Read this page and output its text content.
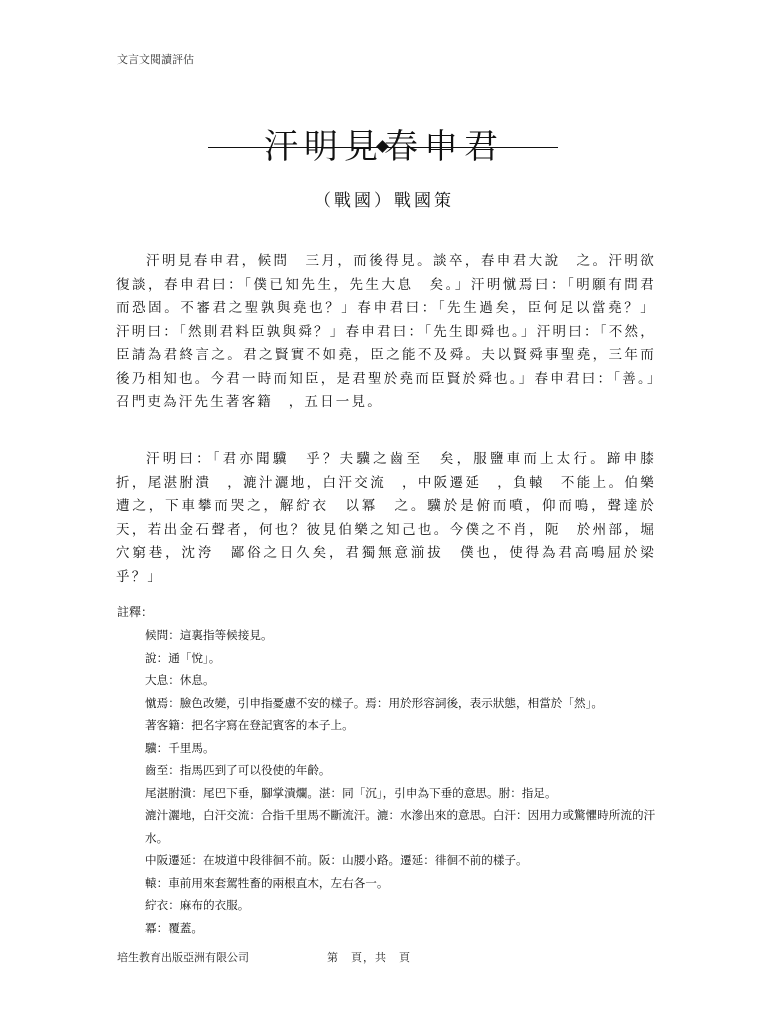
文言文閱讀評估
（戰國）戰國策

汗明見春申君，候問　三月，而後得見。談卒，春申君大說　之。汗明欲復談，春申君曰：「僕已知先生，先生大息　矣。」汗明憱焉曰：「明願有問君而恐固。不審君之聖孰與堯也？」春申君曰：「先生過矣，臣何足以當堯？」汗明曰：「然則君料臣孰與舜？」春申君曰：「先生即舜也。」汗明曰：「不然，臣請為君終言之。君之賢實不如堯，臣之能不及舜。夫以賢舜事聖堯，三年而後乃相知也。今君一時而知臣，是君聖於堯而臣賢於舜也。」春申君曰：「善。」召門吏為汗先生著客籍　，五日一見。

汗明曰：「君亦聞驥　乎？夫驥之齒至　矣，服鹽車而上太行。蹄申膝折，尾湛胕潰　，漉汁灑地，白汗交流　，中阪遷延　，負轅　不能上。伯樂遭之，下車攀而哭之，解紵衣　以冪　之。驥於是俯而噴，仰而鳴，聲達於天，若出金石聲者，何也？彼見伯樂之知己也。今僕之不肖，阨　於州部，堀穴窮巷，沈洿　鄙俗之日久矣，君獨無意湔拔　僕也，使得為君高鳴屈於梁乎？」

註釋：
候問：這裏指等候接見。
說：通「悅」。
大息：休息。
憱焉：臉色改變，引申指憂慮不安的樣子。焉：用於形容詞後，表示狀態，相當於「然」。
著客籍：把名字寫在登記賓客的本子上。
驥：千里馬。
齒至：指馬匹到了可以役使的年齡。
尾湛胕潰：尾巴下垂，腳掌潰爛。湛：同「沉」，引申為下垂的意思。胕：指足。
漉汁灑地，白汗交流：合指千里馬不斷流汗。漉：水滲出來的意思。白汗：因用力或驚懼時所流的汗水。
中阪遷延：在坡道中段徘徊不前。阪：山腰小路。遷延：徘徊不前的樣子。
轅：車前用來套駕牲畜的兩根直木，左右各一。
紵衣：麻布的衣服。
冪：覆蓋。
培生教育出版亞洲有限公司	第　頁，共　頁
